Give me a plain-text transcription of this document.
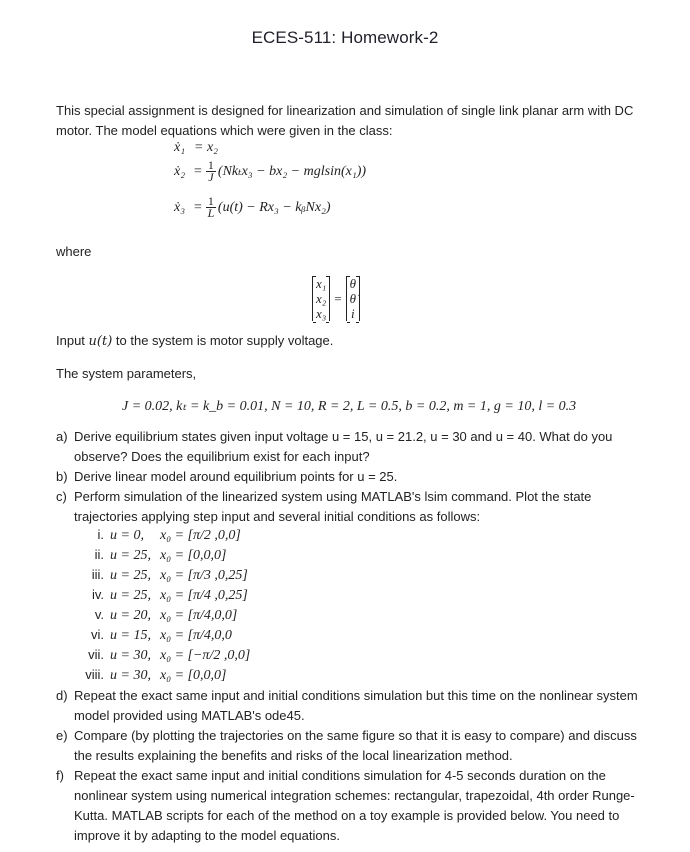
ECES-511: Homework-2
This special assignment is designed for linearization and simulation of single link planar arm with DC
motor. The model equations which were given in the class:
ẋ₁ = x₂
ẋ₂ = $\frac{1}{J} (Nk_tx_3 - bx_2 - mglsin(x_1))$
ẋ₃ = $\frac{1}{L} (u(t) - Rx_3$ − kᵦNx₂)
where
x₁
x₂
x₃
=
θ
θ̇
i
Input u(t) to the system is motor supply voltage.
The system parameters,
J = 0.02, kₜ = k_b = 0.01, N = 10, R = 2, L = 0.5, b = 0.2, m = 1, g = 10, l = 0.3
a) Derive equilibrium states given input voltage u = 15, u = 21.2, u = 30 and u = 40. What do you
observe? Does the equilibrium exist for each input?
b) Derive linear model around equilibrium points for u = 25.
c) Perform simulation of the linearized system using MATLAB's lsim command. Plot the state
trajectories applying step input and several initial conditions as follows:
i. u = 0, x₀ = [π/2 ,0,0]
ii. u = 25, x₀ = [0,0,0]
iii. u = 25, x₀ = [π/3 ,0,25]
iv. u = 25, x₀ = [π/4 ,0,25]
v. u = 20, x₀ = [π/4,0,0]
vi. u = 15, x₀ = [π/4,0,0
vii. u = 30, x₀ = [−π/2 ,0,0]
viii. u = 30, x₀ = [0,0,0]
d) Repeat the exact same input and initial conditions simulation but this time on the nonlinear system
model provided using MATLAB's ode45.
e) Compare (by plotting the trajectories on the same figure so that it is easy to compare) and discuss
the results explaining the benefits and risks of the local linearization method.
f) Repeat the exact same input and initial conditions simulation for 4-5 seconds duration on the
nonlinear system using numerical integration schemes: rectangular, trapezoidal, 4th order Runge-
Kutta. MATLAB scripts for each of the method on a toy example is provided below. You need to
improve it by adapting to the model equations.
